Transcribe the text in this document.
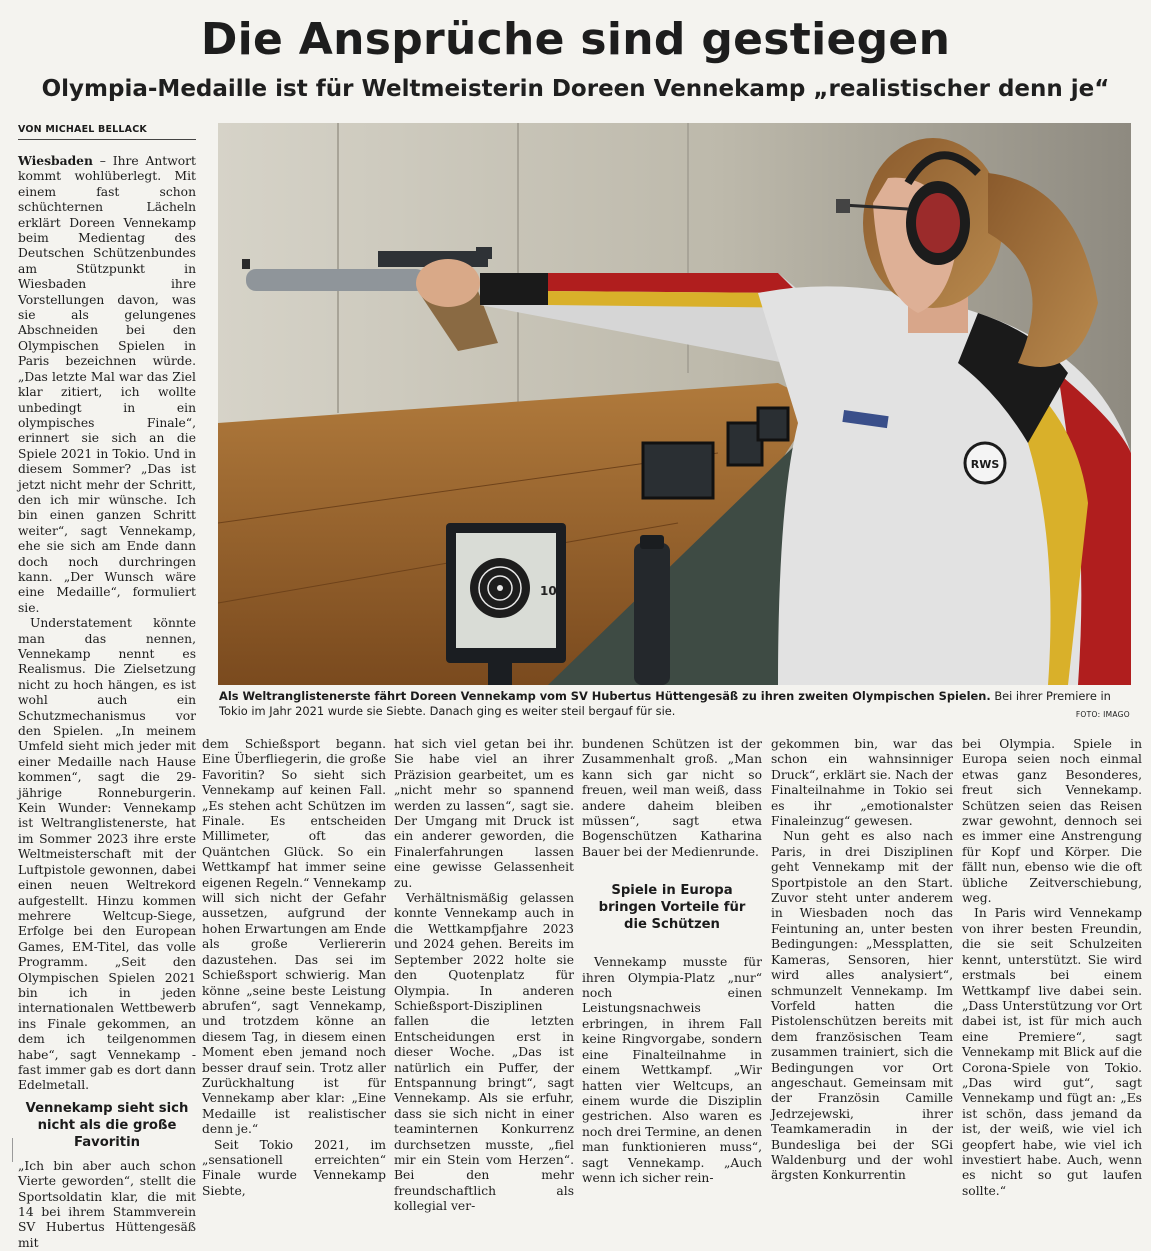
Die Ansprüche sind gestiegen
Olympia-Medaille ist für Weltmeisterin Doreen Vennekamp „realistischer denn je“
VON MICHAEL BELLACK

Wiesbaden – Ihre Antwort kommt wohlüberlegt. Mit einem fast schon schüchternen Lächeln erklärt Doreen Vennekamp beim Medientag des Deutschen Schützenbundes am Stützpunkt in Wiesbaden ihre Vorstellungen davon, was sie als gelungenes Abschneiden bei den Olympischen Spielen in Paris bezeichnen würde. „Das letzte Mal war das Ziel klar zitiert, ich wollte unbedingt in ein olympisches Finale“, erinnert sie sich an die Spiele 2021 in Tokio. Und in diesem Sommer? „Das ist jetzt nicht mehr der Schritt, den ich mir wünsche. Ich bin einen ganzen Schritt weiter“, sagt Vennekamp, ehe sie sich am Ende dann doch noch durchringen kann. „Der Wunsch wäre eine Medaille“, formuliert sie.

Understatement könnte man das nennen, Vennekamp nennt es Realismus. Die Zielsetzung nicht zu hoch hängen, es ist wohl auch ein Schutzmechanismus vor den Spielen. „In meinem Umfeld sieht mich jeder mit einer Medaille nach Hause kommen“, sagt die 29-jährige Ronneburgerin. Kein Wunder: Vennekamp ist Weltranglistenerste, hat im Sommer 2023 ihre erste Weltmeisterschaft mit der Luftpistole gewonnen, dabei einen neuen Weltrekord aufgestellt. Hinzu kommen mehrere Weltcup-Siege, Erfolge bei den European Games, EM-Titel, das volle Programm. „Seit den Olympischen Spielen 2021 bin ich in jeden internationalen Wettbewerb ins Finale gekommen, an dem ich teilgenommen habe“, sagt Vennekamp - fast immer gab es dort dann Edelmetall.

Vennekamp sieht sich nicht als die große Favoritin

„Ich bin aber auch schon Vierte geworden“, stellt die Sportsoldatin klar, die mit 14 bei ihrem Stammverein SV Hubertus Hüttengesäß mit

10
RWS
Als Weltranglistenerste fährt Doreen Vennekamp vom SV Hubertus Hüttengesäß zu ihren zweiten Olympischen Spielen. Bei ihrer Premiere in Tokio im Jahr 2021 wurde sie Siebte. Danach ging es weiter steil bergauf für sie.	FOTO: IMAGO

dem Schießsport begann. Eine Überfliegerin, die große Favoritin? So sieht sich Vennekamp auf keinen Fall. „Es stehen acht Schützen im Finale. Es entscheiden Millimeter, oft das Quäntchen Glück. So ein Wettkampf hat immer seine eigenen Regeln.“ Vennekamp will sich nicht der Gefahr aussetzen, aufgrund der hohen Erwartungen am Ende als große Verliererin dazustehen. Das sei im Schießsport schwierig. Man könne „seine beste Leistung abrufen“, sagt Vennekamp, und trotzdem könne an diesem Tag, in diesem einen Moment eben jemand noch besser drauf sein. Trotz aller Zurückhaltung ist für Vennekamp aber klar: „Eine Medaille ist realistischer denn je.“

Seit Tokio 2021, im „sensationell erreichten“ Finale wurde Vennekamp Siebte,

hat sich viel getan bei ihr. Sie habe viel an ihrer Präzision gearbeitet, um es „nicht mehr so spannend werden zu lassen“, sagt sie. Der Umgang mit Druck ist ein anderer geworden, die Finalerfahrungen lassen eine gewisse Gelassenheit zu.

Verhältnismäßig gelassen konnte Vennekamp auch in die Wettkampfjahre 2023 und 2024 gehen. Bereits im September 2022 holte sie den Quotenplatz für Olympia. In anderen Schießsport-Disziplinen fallen die letzten Entscheidungen erst in dieser Woche. „Das ist natürlich ein Puffer, der Entspannung bringt“, sagt Vennekamp. Als sie erfuhr, dass sie sich nicht in einer teaminternen Konkurrenz durchsetzen musste, „fiel mir ein Stein vom Herzen“. Bei den mehr freundschaftlich als kollegial ver-

bundenen Schützen ist der Zusammenhalt groß. „Man kann sich gar nicht so freuen, weil man weiß, dass andere daheim bleiben müssen“, sagt etwa Bogenschützen Katharina Bauer bei der Medienrunde.

Spiele in Europa bringen Vorteile für die Schützen

Vennekamp musste für ihren Olympia-Platz „nur“ noch einen Leistungsnachweis erbringen, in ihrem Fall keine Ringvorgabe, sondern eine Finalteilnahme in einem Wettkampf. „Wir hatten vier Weltcups, an einem wurde die Disziplin gestrichen. Also waren es noch drei Termine, an denen man funktionieren muss“, sagt Vennekamp. „Auch wenn ich sicher rein-

gekommen bin, war das schon ein wahnsinniger Druck“, erklärt sie. Nach der Finalteilnahme in Tokio sei es ihr „emotionalster Finaleinzug“ gewesen.

Nun geht es also nach Paris, in drei Disziplinen geht Vennekamp mit der Sportpistole an den Start. Zuvor steht unter anderem in Wiesbaden noch das Feintuning an, unter besten Bedingungen: „Messplatten, Kameras, Sensoren, hier wird alles analysiert“, schmunzelt Vennekamp. Im Vorfeld hatten die Pistolenschützen bereits mit dem französischen Team zusammen trainiert, sich die Bedingungen vor Ort angeschaut. Gemeinsam mit der Französin Camille Jedrzejewski, ihrer Teamkameradin in der Bundesliga bei der SGi Waldenburg und der wohl ärgsten Konkurrentin

bei Olympia. Spiele in Europa seien noch einmal etwas ganz Besonderes, freut sich Vennekamp. Schützen seien das Reisen zwar gewohnt, dennoch sei es immer eine Anstrengung für Kopf und Körper. Die fällt nun, ebenso wie die oft übliche Zeitverschiebung, weg.

In Paris wird Vennekamp von ihrer besten Freundin, die sie seit Schulzeiten kennt, unterstützt. Sie wird erstmals bei einem Wettkampf live dabei sein. „Dass Unterstützung vor Ort dabei ist, ist für mich auch eine Premiere“, sagt Vennekamp mit Blick auf die Corona-Spiele von Tokio. „Das wird gut“, sagt Vennekamp und fügt an: „Es ist schön, dass jemand da ist, der weiß, wie viel ich geopfert habe, wie viel ich investiert habe. Auch, wenn es nicht so gut laufen sollte.“
